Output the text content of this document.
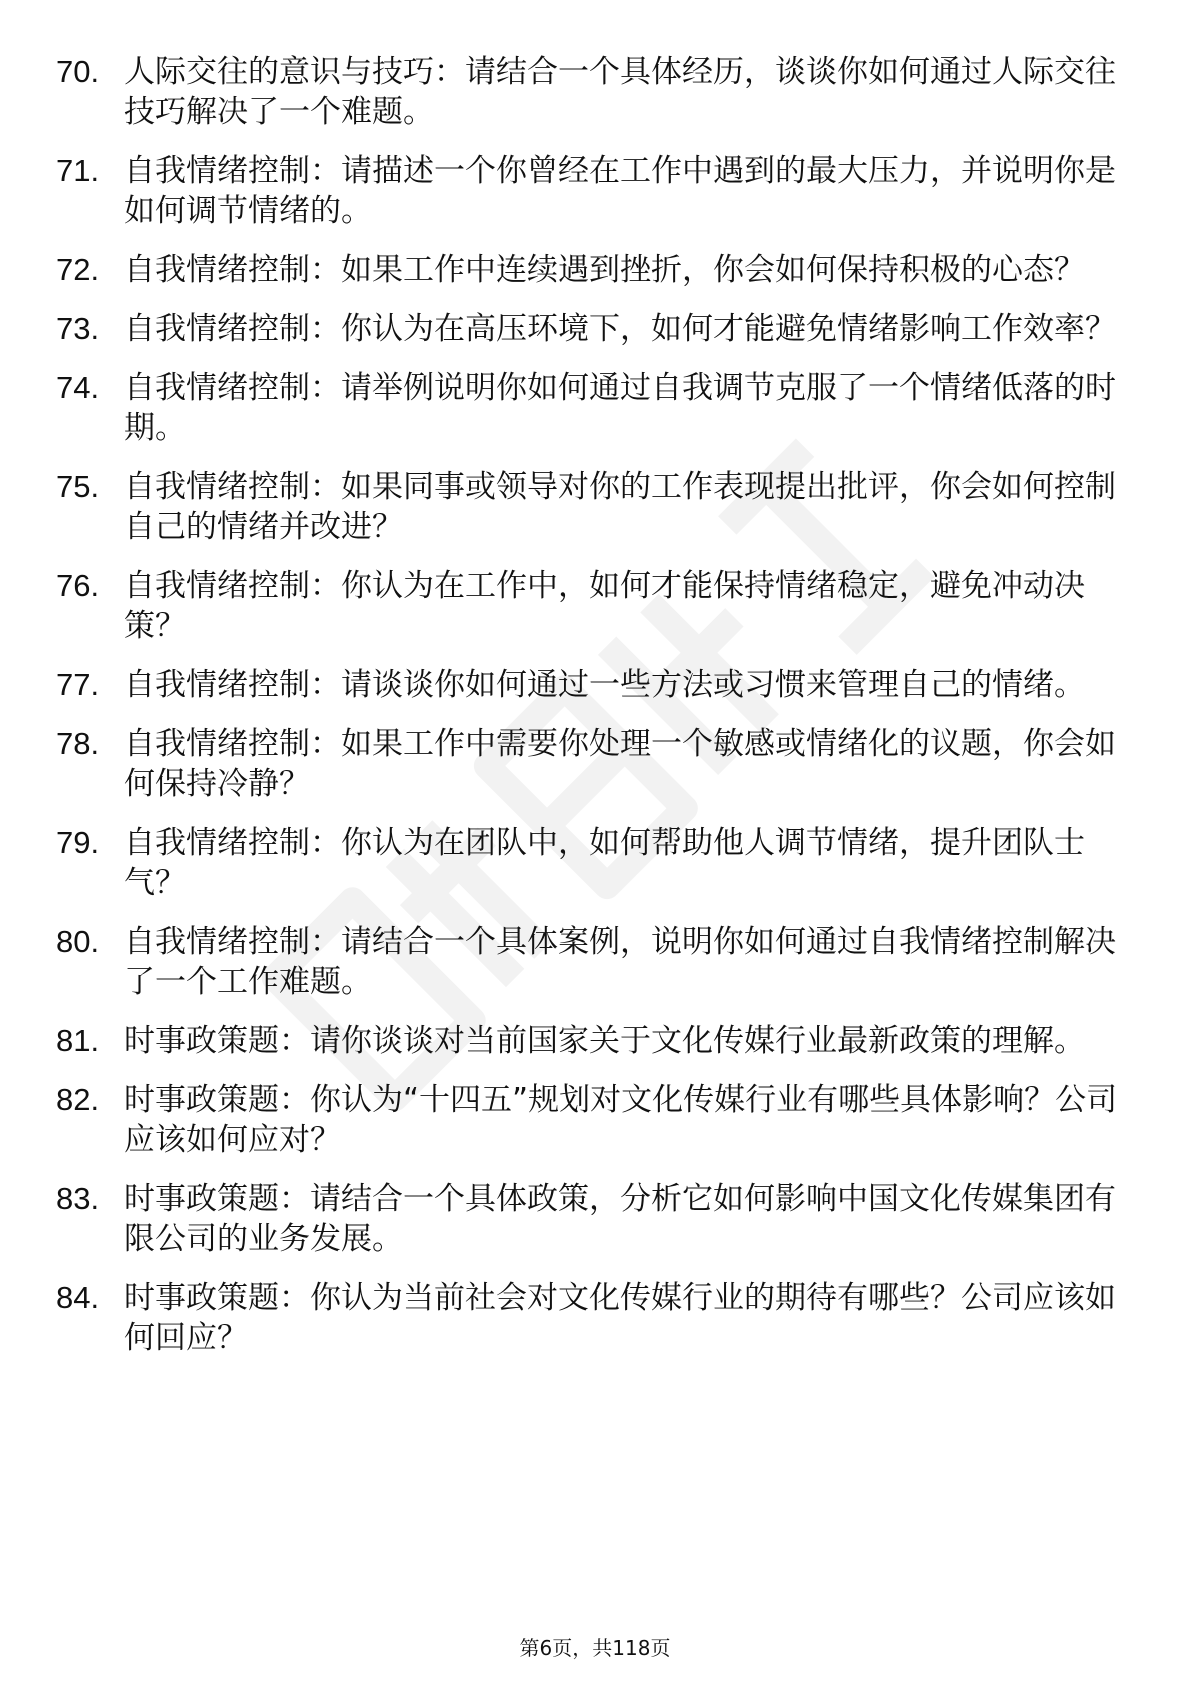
70. 人际交往的意识与技巧：请结合一个具体经历，谈谈你如何通过人际交往技巧解决了一个难题。
71. 自我情绪控制：请描述一个你曾经在工作中遇到的最大压力，并说明你是如何调节情绪的。
72. 自我情绪控制：如果工作中连续遇到挫折，你会如何保持积极的心态？
73. 自我情绪控制：你认为在高压环境下，如何才能避免情绪影响工作效率？
74. 自我情绪控制：请举例说明你如何通过自我调节克服了一个情绪低落的时期。
75. 自我情绪控制：如果同事或领导对你的工作表现提出批评，你会如何控制自己的情绪并改进？
76. 自我情绪控制：你认为在工作中，如何才能保持情绪稳定，避免冲动决策？
77. 自我情绪控制：请谈谈你如何通过一些方法或习惯来管理自己的情绪。
78. 自我情绪控制：如果工作中需要你处理一个敏感或情绪化的议题，你会如何保持冷静？
79. 自我情绪控制：你认为在团队中，如何帮助他人调节情绪，提升团队士气？
80. 自我情绪控制：请结合一个具体案例，说明你如何通过自我情绪控制解决了一个工作难题。
81. 时事政策题：请你谈谈对当前国家关于文化传媒行业最新政策的理解。
82. 时事政策题：你认为“十四五”规划对文化传媒行业有哪些具体影响？公司应该如何应对？
83. 时事政策题：请结合一个具体政策，分析它如何影响中国文化传媒集团有限公司的业务发展。
84. 时事政策题：你认为当前社会对文化传媒行业的期待有哪些？公司应该如何回应？
第6页，共118页
